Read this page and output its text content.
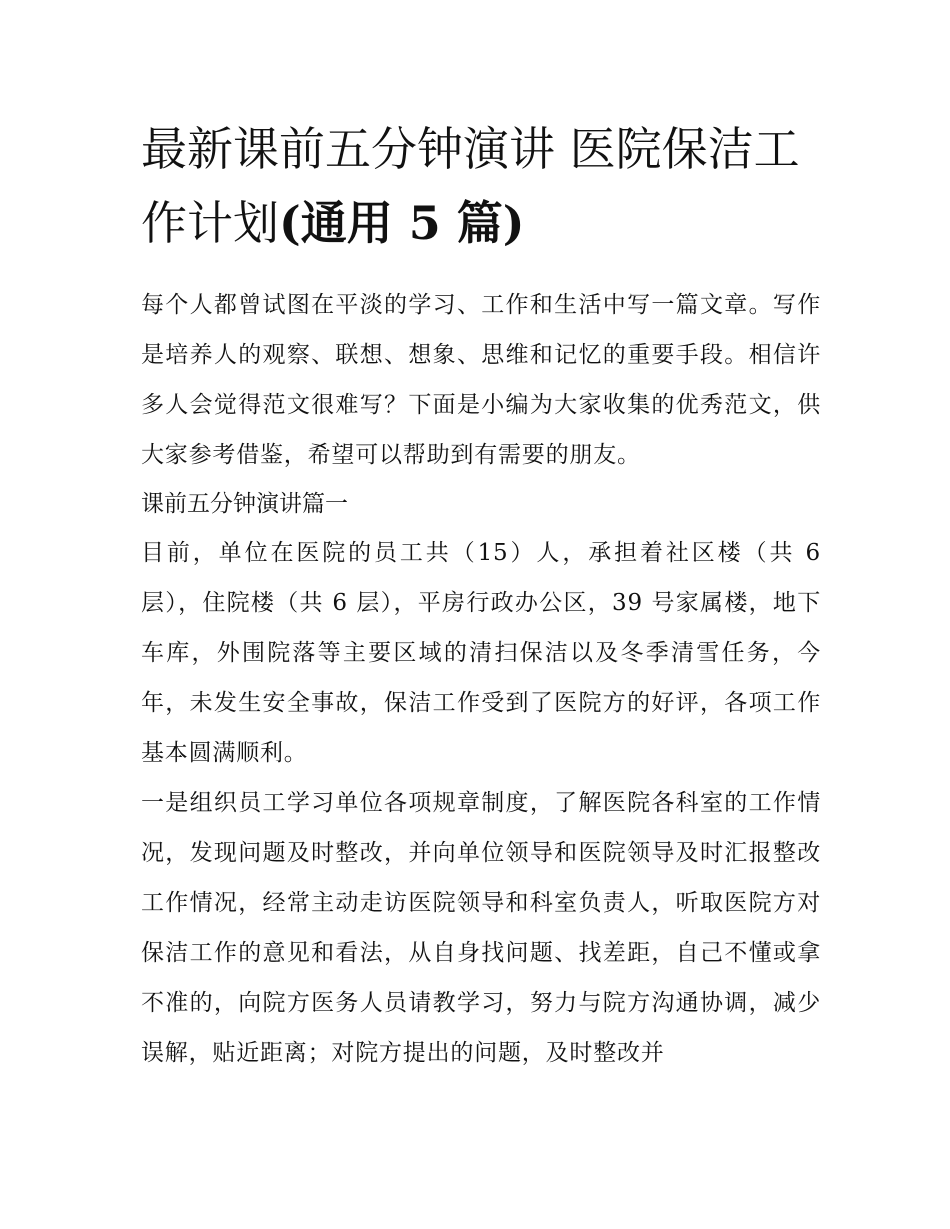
最新课前五分钟演讲 医院保洁工作计划(通用 5 篇)

每个人都曾试图在平淡的学习、工作和生活中写一篇文章。写作是培养人的观察、联想、想象、思维和记忆的重要手段。相信许多人会觉得范文很难写？下面是小编为大家收集的优秀范文，供大家参考借鉴，希望可以帮助到有需要的朋友。

课前五分钟演讲篇一

目前，单位在医院的员工共（15）人，承担着社区楼（共 6 层），住院楼（共 6 层），平房行政办公区，39 号家属楼，地下车库，外围院落等主要区域的清扫保洁以及冬季清雪任务，今年，未发生安全事故，保洁工作受到了医院方的好评，各项工作基本圆满顺利。

一是组织员工学习单位各项规章制度，了解医院各科室的工作情况，发现问题及时整改，并向单位领导和医院领导及时汇报整改工作情况，经常主动走访医院领导和科室负责人，听取医院方对保洁工作的意见和看法，从自身找问题、找差距，自己不懂或拿不准的，向院方医务人员请教学习，努力与院方沟通协调，减少误解，贴近距离；对院方提出的问题，及时整改并
